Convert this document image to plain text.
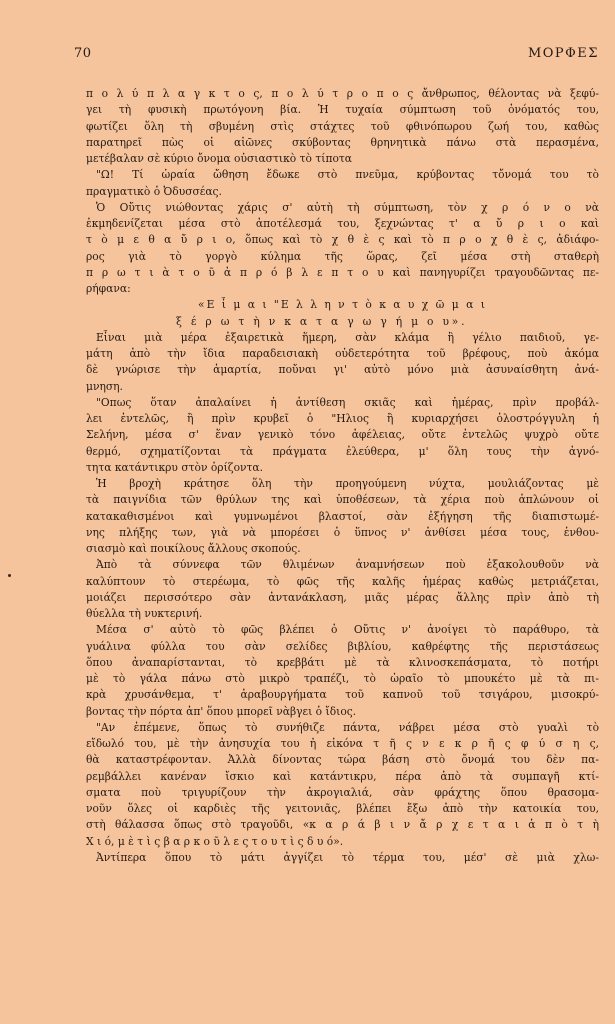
70	ΜΟΡΦΕΣ
π ο λ ύ π λ α γ κ τ ο ς, π ο λ ύ τ ρ ο π ο ς ἄνθρωπος, θέλοντας νὰ ξεφύ-
γει τὴ φυσικὴ πρωτόγονη βία. Ἡ τυχαία σύμπτωση τοῦ ὀνόματός του,
φωτίζει ὅλη τὴ σβυμένη στὶς στάχτες τοῦ φθινόπωρου ζωή του, καθὼς
παρατηρεῖ πὼς οἱ αἰῶνες σκύβοντας θρηνητικὰ πάνω στὰ περασμένα,
μετέβαλαν σὲ κύριο ὄνομα οὐσιαστικὸ τὸ τίποτα
"Ω! Τί ὡραία ὤθηση ἔδωκε στὸ πνεῦμα, κρύβοντας τὄνομά του τὸ
πραγματικὸ ὁ Ὀδυσσέας.
Ὁ Οὔτις νιώθοντας χάρις σ' αὐτὴ τὴ σύμπτωση, τὸν χ ρ ό ν ο νὰ
ἐκμηδενίζεται μέσα στὸ ἀποτέλεσμά του, ξεχνώντας τ' α ὔ ρ ι ο καὶ
τ ὸ μ ε θ α ὔ ρ ι ο, ὅπως καὶ τὸ χ θ ὲ ς καὶ τὸ π ρ ο χ θ ὲ ς, ἀδιάφο-
ρος γιὰ τὸ γοργὸ κύλημα τῆς ὥρας, ζεῖ μέσα στὴ σταθερὴ
π ρ ω τ ι ὰ τ ο ῦ ἀ π ρ ό β λ ε π τ ο υ καὶ πανηγυρίζει τραγουδῶντας πε-
ρήφανα:
«Ε ἶ μ α ι "Ε λ λ η ν τ ὸ κ α υ χ ῶ μ α ι
ξ έ ρ ω τ ὴ ν κ α τ α γ ω γ ή μ ο υ».
Εἶναι μιὰ μέρα ἐξαιρετικὰ ἥμερη, σὰν κλάμα ἢ γέλιο παιδιοῦ, γε-
μάτη ἀπὸ τὴν ἴδια παραδεισιακὴ οὐδετερότητα τοῦ βρέφους, ποὺ ἀκόμα
δὲ γνώρισε τὴν ἁμαρτία, ποὔναι γι' αὐτὸ μόνο μιὰ ἀσυναίσθητη ἀνά-
μνηση.
"Οπως ὅταν ἀπαλαίνει ἡ ἀντίθεση σκιᾶς καὶ ἡμέρας, πρὶν προβάλ-
λει ἐντελῶς, ἢ πρὶν κρυβεῖ ὁ "Ηλιος ἢ κυριαρχήσει ὁλοστρόγγυλη ἡ
Σελήνη, μέσα σ' ἕναν γενικὸ τόνο ἀφέλειας, οὔτε ἐντελῶς ψυχρὸ οὔτε
θερμό, σχηματίζονται τὰ πράγματα ἐλεύθερα, μ' ὅλη τους τὴν ἀγνό-
τητα κατάντικρυ στὸν ὁρίζοντα.
Ἡ βροχὴ κράτησε ὅλη τὴν προηγούμενη νύχτα, μουλιάζοντας μὲ
τὰ παιγνίδια τῶν θρύλων της καὶ ὑποθέσεων, τὰ χέρια ποὺ ἁπλώνουν οἱ
κατακαθισμένοι καὶ γυμνωμένοι βλαστοί, σὰν ἐξήγηση τῆς διαπιστωμέ-
νης πλήξης των, γιὰ νὰ μπορέσει ὁ ὕπνος ν' ἀνθίσει μέσα τους, ἐνθου-
σιασμὸ καὶ ποικίλους ἄλλους σκοπούς.
Ἀπὸ τὰ σύννεφα τῶν θλιμένων ἀναμνήσεων ποὺ ἐξακολουθοῦν νὰ
καλύπτουν τὸ στερέωμα, τὸ φῶς τῆς καλῆς ἡμέρας καθὼς μετριάζεται,
μοιάζει περισσότερο σὰν ἀντανάκλαση, μιᾶς μέρας ἄλλης πρὶν ἀπὸ τὴ
θύελλα τὴ νυκτερινή.
Μέσα σ' αὐτὸ τὸ φῶς βλέπει ὁ Οὔτις ν' ἀνοίγει τὸ παράθυρο, τὰ
γυάλινα φύλλα του σὰν σελίδες βιβλίου, καθρέφτης τῆς περιστάσεως
ὅπου ἀναπαρίστανται, τὸ κρεββάτι μὲ τὰ κλινοσκεπάσματα, τὸ ποτήρι
μὲ τὸ γάλα πάνω στὸ μικρὸ τραπέζι, τὸ ὡραῖο τὸ μπουκέτο μὲ τὰ πι-
κρὰ χρυσάνθεμα, τ' ἀραβουργήματα τοῦ καπνοῦ τοῦ τσιγάρου, μισοκρύ-
βοντας τὴν πόρτα ἀπ' ὅπου μπορεῖ νὰβγει ὁ ἴδιος.
"Αν ἐπέμενε, ὅπως τὸ συνήθιζε πάντα, νάβρει μέσα στὸ γυαλὶ τὸ
εἴδωλό του, μὲ τὴν ἀνησυχία του ἡ εἰκόνα τ ῆ ς ν ε κ ρ ῆ ς φ ύ σ η ς,
θὰ καταστρέφονταν. Ἀλλὰ δίνοντας τώρα βάση στὸ ὄνομά του δὲν πα-
ρεμβάλλει κανέναν ἴσκιο καὶ κατάντικρυ, πέρα ἀπὸ τὰ συμπαγῆ κτί-
σματα ποὺ τριγυρίζουν τὴν ἀκρογιαλιά, σὰν φράχτης ὅπου θρασομα-
νοῦν ὅλες οἱ καρδιὲς τῆς γειτονιᾶς, βλέπει ἔξω ἀπὸ τὴν κατοικία του,
στὴ θάλασσα ὅπως στὸ τραγοῦδι, «κ α ρ ά β ι ν ἄ ρ χ ε τ α ι ἀ π ὸ τ ὴ
Χ ι ό, μ ὲ τ ὶ ς β α ρ κ ο ῦ λ ε ς τ ο υ τ ὶ ς δ υ ό».
Ἀντίπερα ὅπου τὸ μάτι ἀγγίζει τὸ τέρμα του, μέσ' σὲ μιὰ χλω-
